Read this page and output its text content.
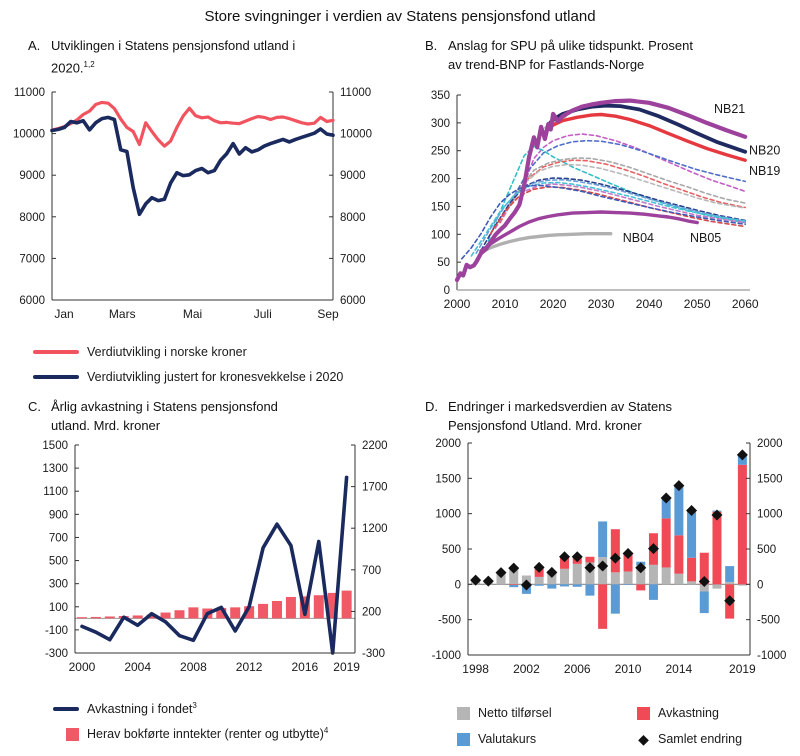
6000
7000
8000
9000
10000
11000
6000
7000
8000
9000
10000
11000
Jan	Mars	Mai	Juli	Sep
0
50
100
150
200
250
300
350
2000 2010 2020 2030 2040 2050 2060
NB21
NB20
NB19
NB04	NB05
-300
-100
100
300
500
700
900
1100
1300
1500
-300
200
700
1200
1700
2200
2000 2004 2008 2012 2016 2019
-1000
-500
0
500
1000
1500
2000
-1000
-500
0
500
1000
1500
2000
1998 2002 2006 2010 2014	2019
Store svingninger i verdien av Statens pensjonsfond utland
A. Utviklingen i Statens pensjonsfond utland i
2020.$^{1,2}$
B. Anslag for SPU på ulike tidspunkt. Prosent
av trend-BNP for Fastlands-Norge
C. Årlig avkastning i Statens pensjonsfond
utland. Mrd. kroner
D. Endringer i markedsverdien av Statens
Pensjonsfond Utland. Mrd. kroner
Verdiutvikling i norske kroner
Verdiutvikling justert for kronesvekkelse i 2020
Avkastning i fondet$^3$
Herav bokførte inntekter (renter og utbytte)$^4$
Netto tilførsel	Avkastning
Valutakurs	◆ Samlet endring
